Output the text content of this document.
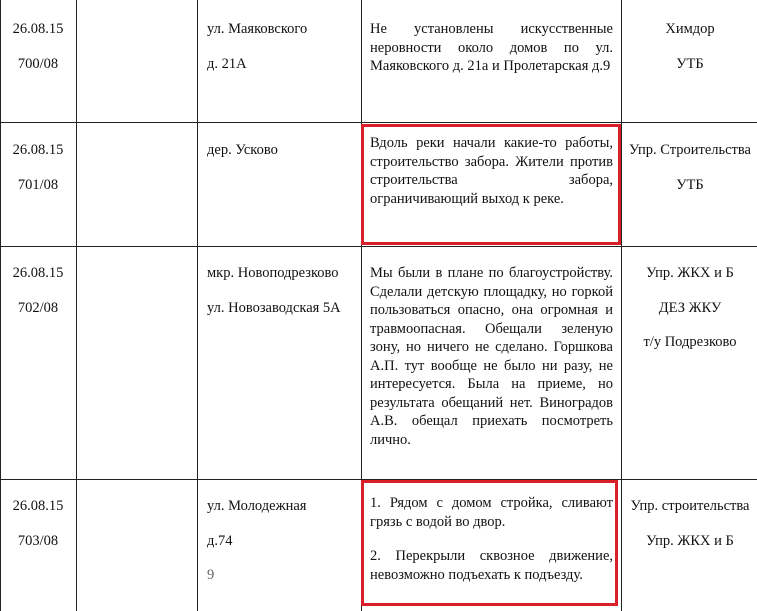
26.08.15
700/08
ул. Маяковского
д. 21А
Не установлены искусственные неровности около домов по ул. Маяковского д. 21а и Пролетарская д.9
Химдор
УТБ
26.08.15
701/08
дер. Усково	Вдоль реки начали какие-то работы, строительство забора. Жители против строительства забора, ограничивающий выход к реке.
Упр. Строительства
УТБ
26.08.15
702/08
мкр. Новоподрезково
ул. Новозаводская 5А
Мы были в плане по благоустройству. Сделали детскую площадку, но горкой пользоваться опасно, она огромная и травмоопасная. Обещали зеленую зону, но ничего не сделано. Горшкова А.П. тут вообще не было ни разу, не интересуется. Была на приеме, но результата обещаний нет. Виноградов А.В. обещал приехать посмотреть лично.
Упр. ЖКХ и Б
ДЕЗ ЖКУ
т/у Подрезково
26.08.15
703/08
ул. Молодежная
д.74
9
1. Рядом с домом стройка, сливают грязь с водой во двор.
2. Перекрыли сквозное движение, невозможно подъехать к подъезду.
Упр. строительства
Упр. ЖКХ и Б
